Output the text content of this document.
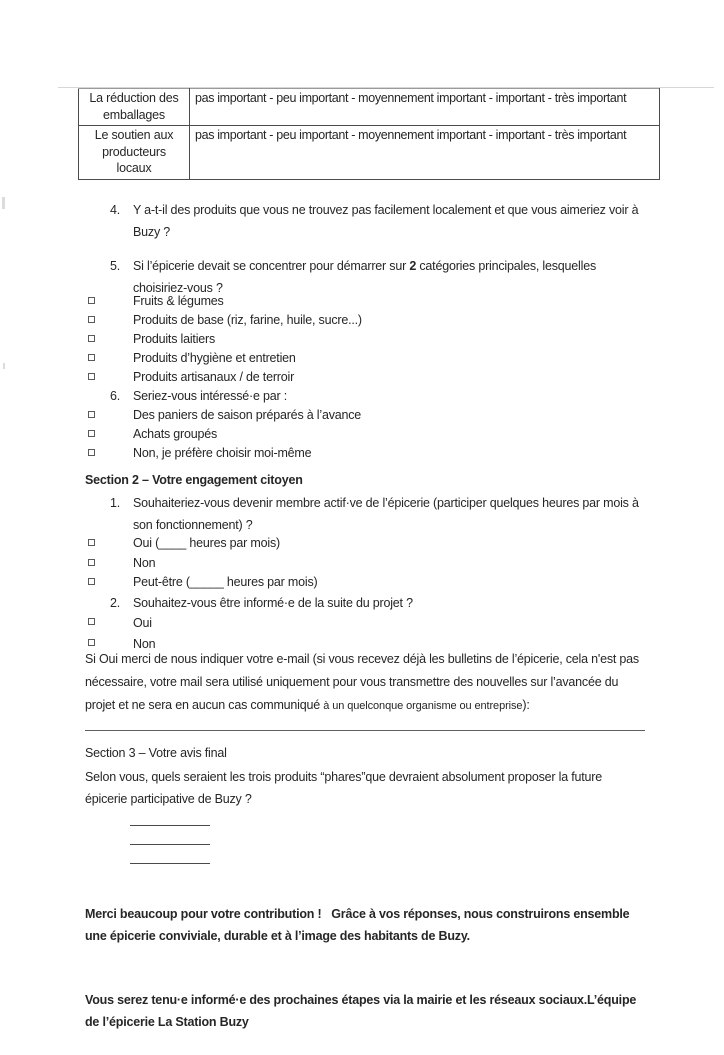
La réduction des emballages	pas important - peu important - moyennement important - important - très important
Le soutien aux producteurs locaux	pas important - peu important - moyennement important - important - très important
4.	Y a-t-il des produits que vous ne trouvez pas facilement localement et que vous aimeriez voir à Buzy ?
5.	Si l’épicerie devait se concentrer pour démarrer sur 2 catégories principales, lesquelles choisiriez-vous ?
Fruits & légumes
Produits de base (riz, farine, huile, sucre...)
Produits laitiers
Produits d’hygiène et entretien
Produits artisanaux / de terroir
6.	Seriez-vous intéressé·e par :
Des paniers de saison préparés à l’avance
Achats groupés
Non, je préfère choisir moi-même
Section 2 – Votre engagement citoyen
1.	Souhaiteriez-vous devenir membre actif·ve de l’épicerie (participer quelques heures par mois à son fonctionnement) ?
Oui (____ heures par mois)
Non
Peut-être (_____ heures par mois)
2.	Souhaitez-vous être informé·e de la suite du projet ?
Oui
Non
Si Oui merci de nous indiquer votre e-mail (si vous recevez déjà les bulletins de l’épicerie, cela n'est pas nécessaire, votre mail sera utilisé uniquement pour vous transmettre des nouvelles sur l’avancée du projet et ne sera en aucun cas communiqué à un quelconque organisme ou entreprise):
Section 3 – Votre avis final
Selon vous, quels seraient les trois produits “phares”que devraient absolument proposer la future épicerie participative de Buzy ?

Merci beaucoup pour votre contribution !   Grâce à vos réponses, nous construirons ensemble une épicerie conviviale, durable et à l’image des habitants de Buzy.

Vous serez tenu·e informé·e des prochaines étapes via la mairie et les réseaux sociaux.L’équipe de l’épicerie La Station Buzy
